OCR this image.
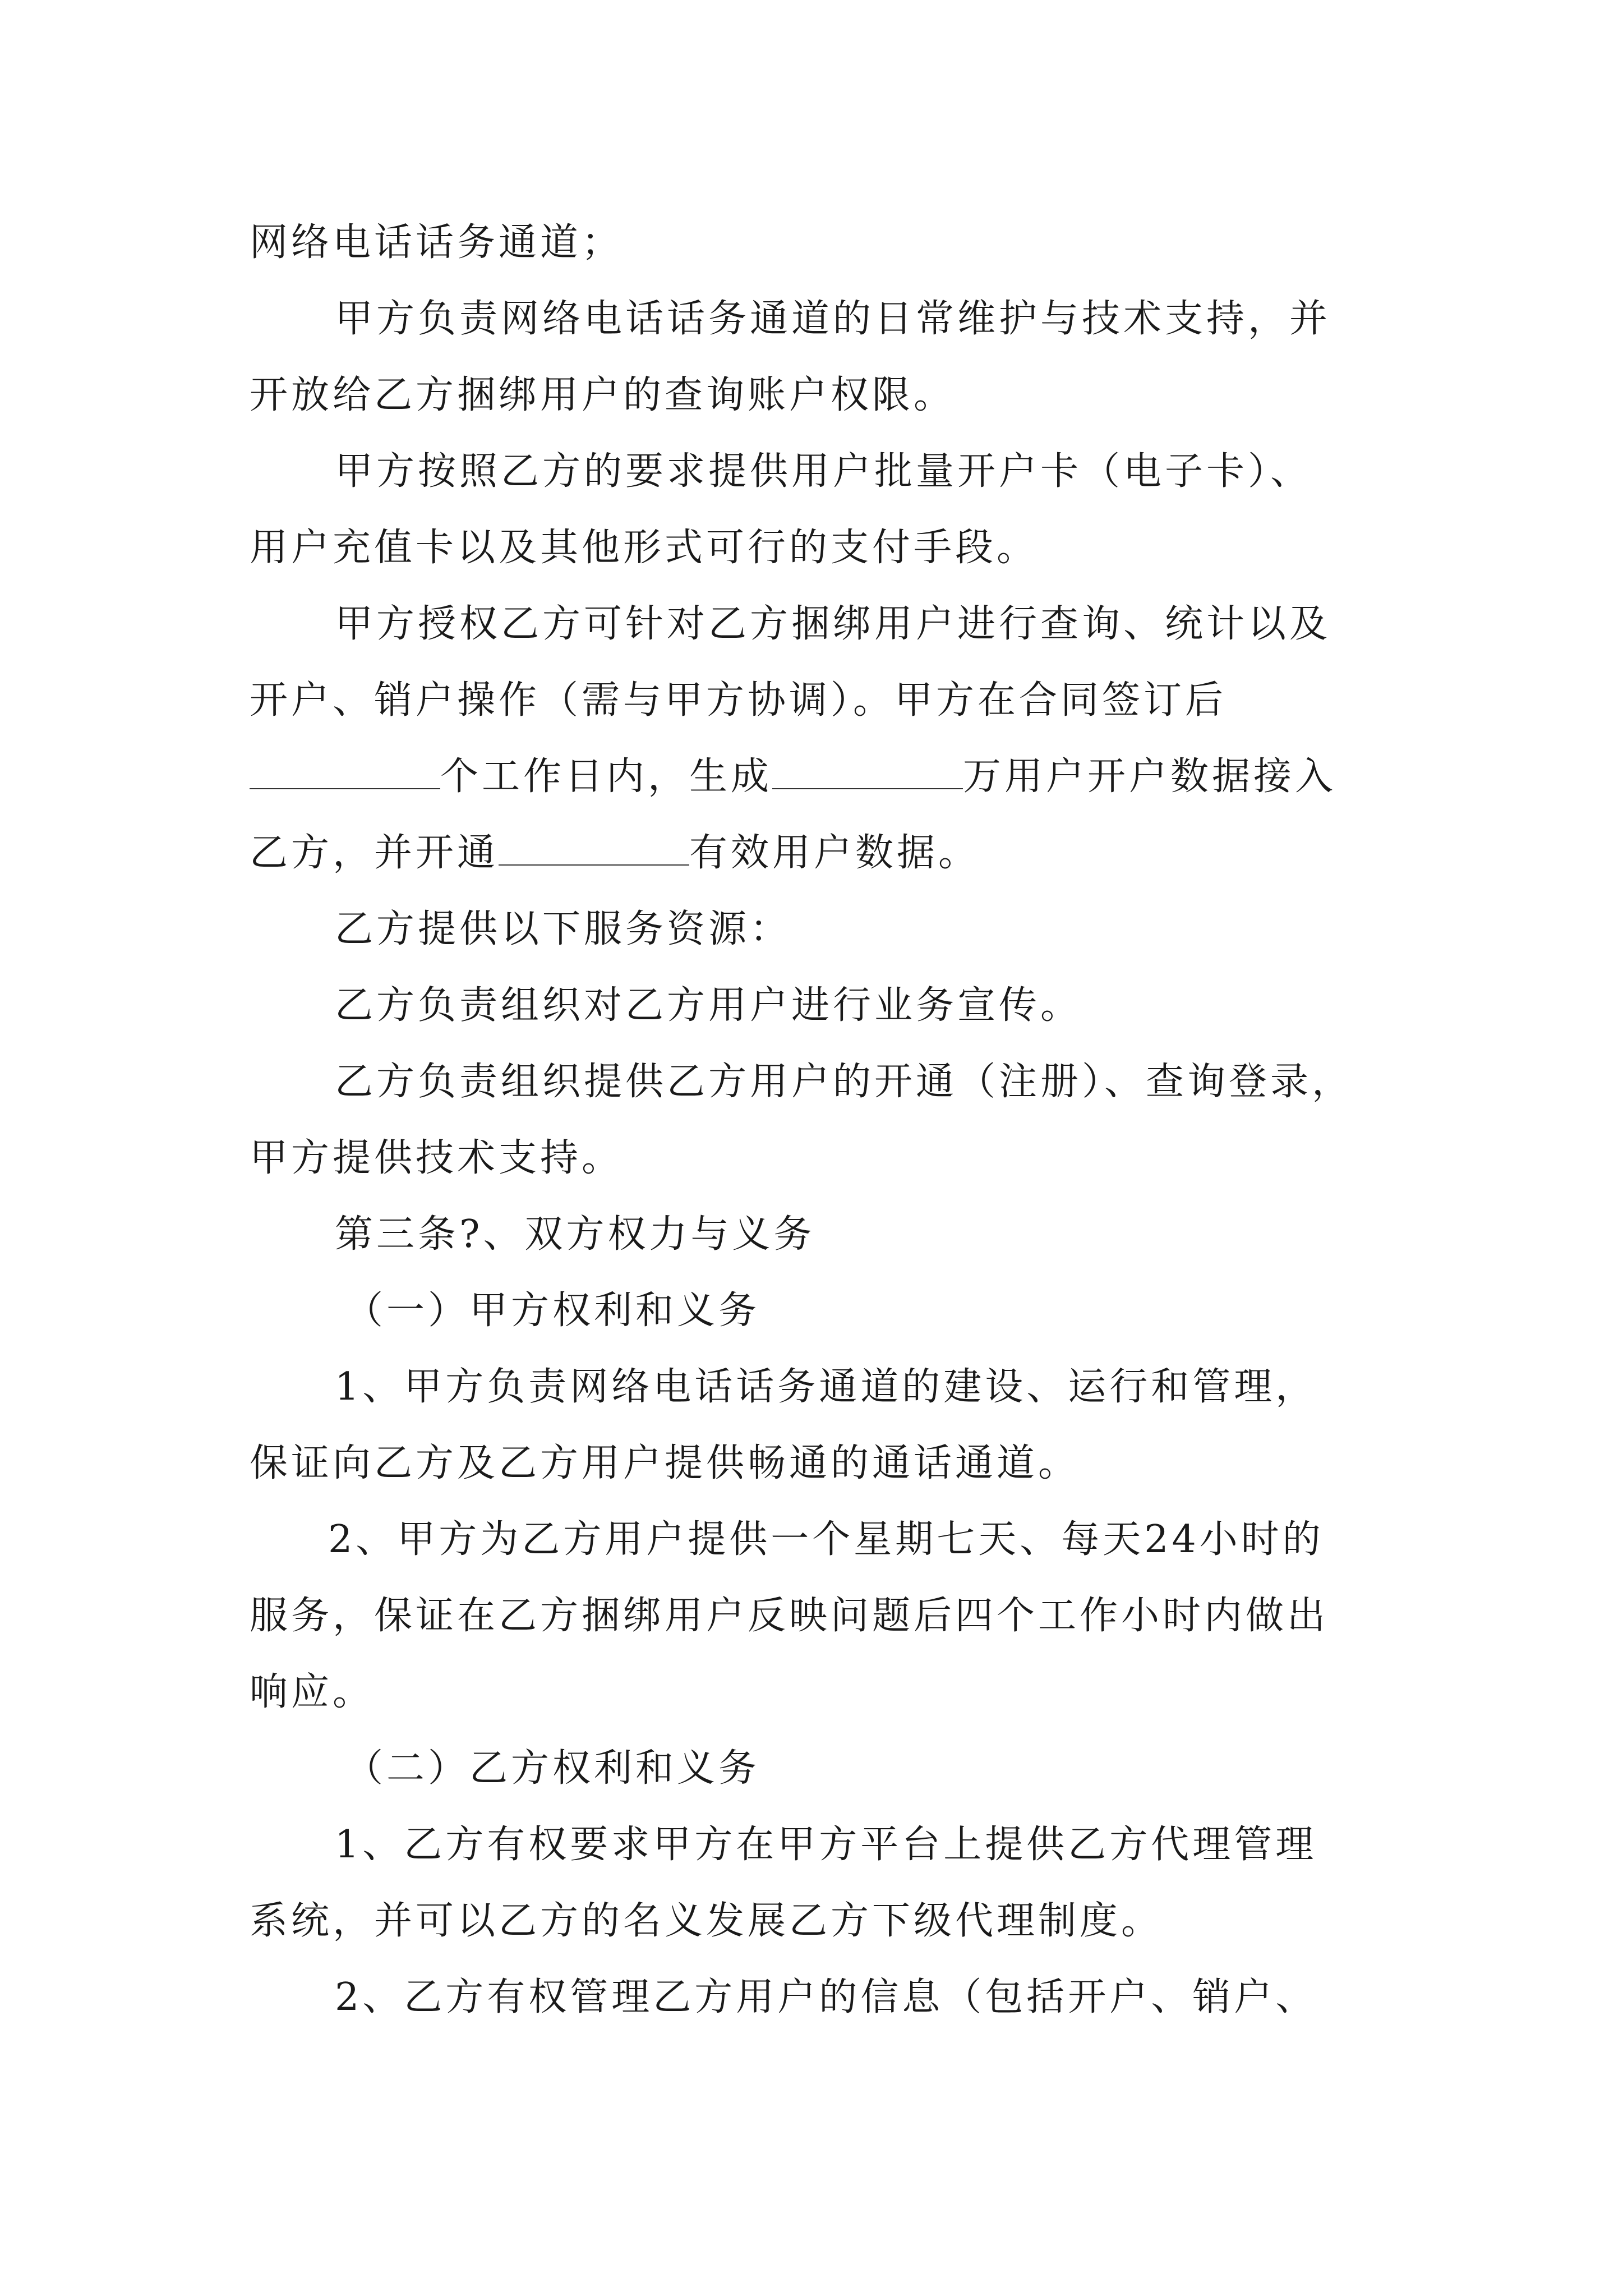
网络电话话务通道；
甲方负责网络电话话务通道的日常维护与技术支持，并
开放给乙方捆绑用户的查询账户权限。
甲方按照乙方的要求提供用户批量开户卡（电子卡）、
用户充值卡以及其他形式可行的支付手段。
甲方授权乙方可针对乙方捆绑用户进行查询、统计以及
开户、销户操作（需与甲方协调）。甲方在合同签订后
个工作日内，生成	万用户开户数据接入
乙方，并开通	有效用户数据。
乙方提供以下服务资源：
乙方负责组织对乙方用户进行业务宣传。
乙方负责组织提供乙方用户的开通（注册）、查询登录，
甲方提供技术支持。
第三条?、双方权力与义务
（一）甲方权利和义务
1、甲方负责网络电话话务通道的建设、运行和管理，
保证向乙方及乙方用户提供畅通的通话通道。
2、甲方为乙方用户提供一个星期七天、每天24小时的
服务，保证在乙方捆绑用户反映问题后四个工作小时内做出
响应。
（二）乙方权利和义务
1、乙方有权要求甲方在甲方平台上提供乙方代理管理
系统，并可以乙方的名义发展乙方下级代理制度。
2、乙方有权管理乙方用户的信息（包括开户、销户、
